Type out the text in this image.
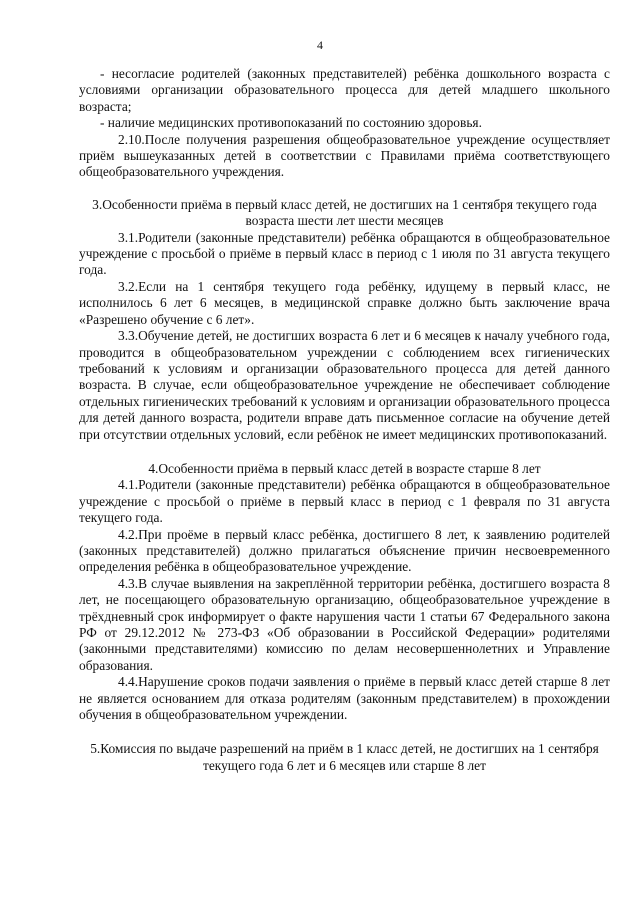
4

- несогласие родителей (законных представителей) ребёнка дошкольного возраста с условиями организации образовательного процесса для детей младшего школьного возраста;

- наличие медицинских противопоказаний по состоянию здоровья.

2.10.После получения разрешения общеобразовательное учреждение осуществляет приём вышеуказанных детей в соответствии с Правилами приёма соответствующего общеобразовательного учреждения.

3.Особенности приёма в первый класс детей, не достигших на 1 сентября текущего года возраста шести лет шести месяцев

3.1.Родители (законные представители) ребёнка обращаются в общеобразовательное учреждение с просьбой о приёме в первый класс в период с 1 июля по 31 августа текущего года.

3.2.Если на 1 сентября текущего года ребёнку, идущему в первый класс, не исполнилось 6 лет 6 месяцев, в медицинской справке должно быть заключение врача «Разрешено обучение с 6 лет».

3.3.Обучение детей, не достигших возраста 6 лет и 6 месяцев к началу учебного года, проводится в общеобразовательном учреждении с соблюдением всех гигиенических требований к условиям и организации образовательного процесса для детей данного возраста. В случае, если общеобразовательное учреждение не обеспечивает соблюдение отдельных гигиенических требований к условиям и организации образовательного процесса для детей данного возраста, родители вправе дать письменное согласие на обучение детей при отсутствии отдельных условий, если ребёнок не имеет медицинских противопоказаний.

4.Особенности приёма в первый класс детей в возрасте старше 8 лет

4.1.Родители (законные представители) ребёнка обращаются в общеобразовательное учреждение с просьбой о приёме в первый класс в период с 1 февраля по 31 августа текущего года.

4.2.При проёме в первый класс ребёнка, достигшего 8 лет, к заявлению родителей (законных представителей) должно прилагаться объяснение причин несвоевременного определения ребёнка в общеобразовательное учреждение.

4.3.В случае выявления на закреплённой территории ребёнка, достигшего возраста 8 лет, не посещающего образовательную организацию, общеобразовательное учреждение в трёхдневный срок информирует о факте нарушения части 1 статьи 67 Федерального закона РФ от 29.12.2012 № 273-ФЗ «Об образовании в Российской Федерации» родителями (законными представителями) комиссию по делам несовершеннолетних и Управление образования.

4.4.Нарушение сроков подачи заявления о приёме в первый класс детей старше 8 лет не является основанием для отказа родителям (законным представителем) в прохождении обучения в общеобразовательном учреждении.

5.Комиссия по выдаче разрешений на приём в 1 класс детей, не достигших на 1 сентября текущего года 6 лет и 6 месяцев или старше 8 лет
